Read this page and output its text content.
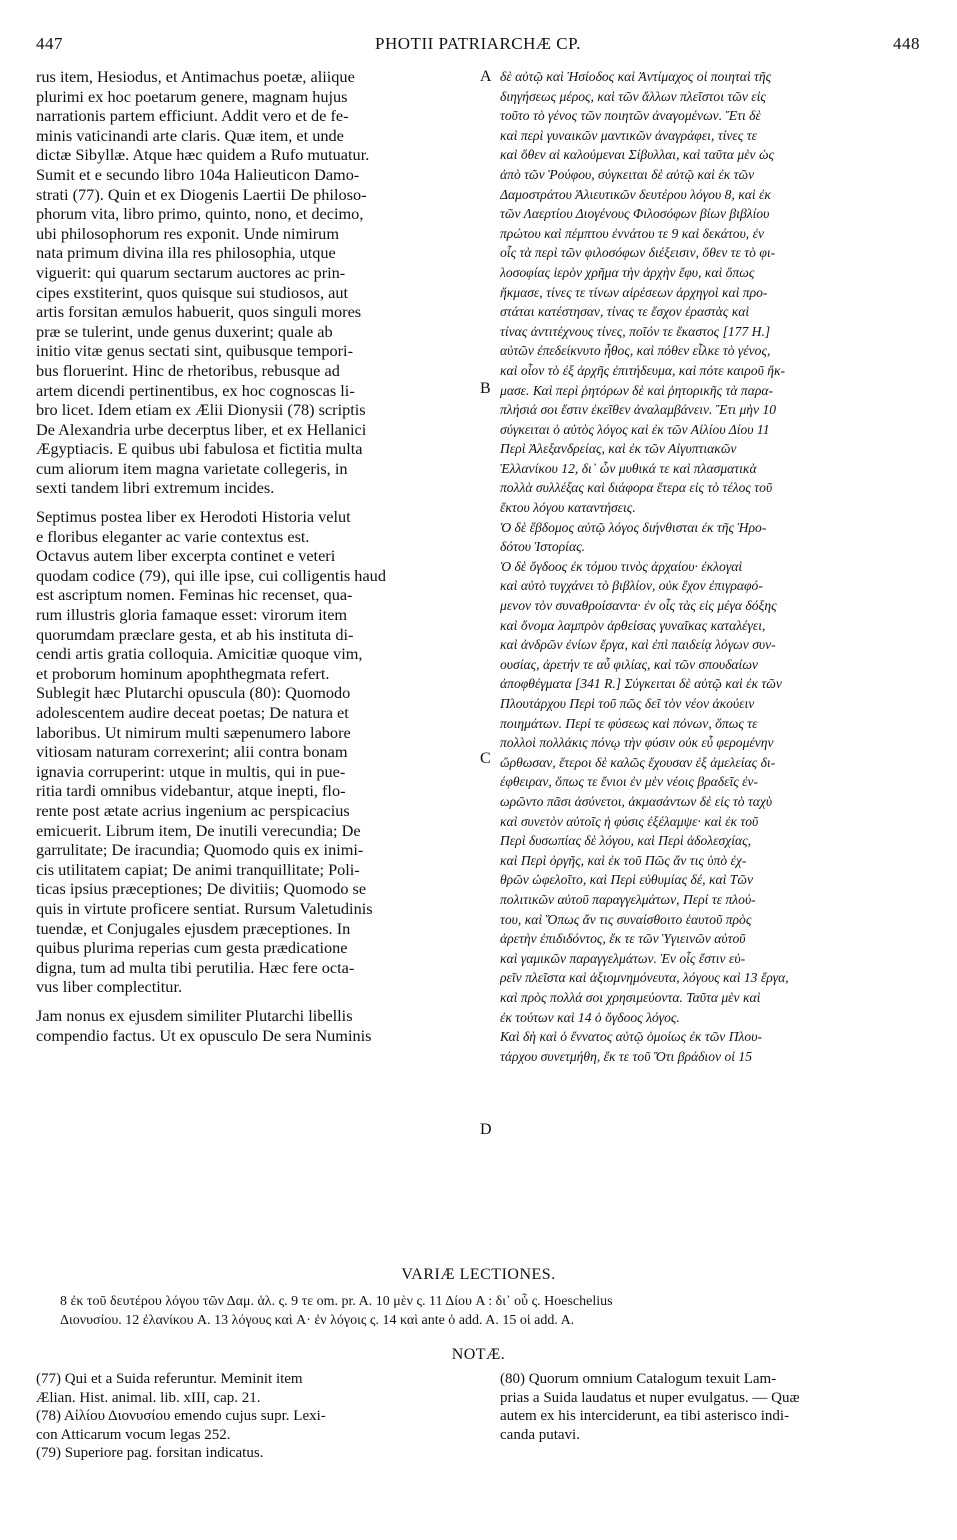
PHOTII PATRIARCHÆ CP.
447	448
rus item, Hesiodus, et Antimachus poetæ, aliique
plurimi ex hoc poetarum genere, magnam hujus
narrationis partem efficiunt. Addit vero et de fe-
minis vaticinandi arte claris. Quæ item, et unde
dictæ Sibyllæ. Atque hæc quidem a Rufo mutuatur.
Sumit et e secundo libro 104a Halieuticon Damo-
strati (77). Quin et ex Diogenis Laertii De philoso-
phorum vita, libro primo, quinto, nono, et decimo,
ubi philosophorum res exponit. Unde nimirum
nata primum divina illa res philosophia, utque
viguerit: qui quarum sectarum auctores ac prin-
cipes exstiterint, quos quisque sui studiosos, aut
artis forsitan æmulos habuerit, quos singuli mores
præ se tulerint, unde genus duxerint; quale ab
initio vitæ genus sectati sint, quibusque tempori-
bus floruerint. Hinc de rhetoribus, rebusque ad
artem dicendi pertinentibus, ex hoc cognoscas li-
bro licet. Idem etiam ex Ælii Dionysii (78) scriptis
De Alexandria urbe decerptus liber, et ex Hellanici
Ægyptiacis. E quibus ubi fabulosa et fictitia multa
cum aliorum item magna varietate collegeris, in
sexti tandem libri extremum incides.
Septimus postea liber ex Herodoti Historia velut
e floribus eleganter ac varie contextus est.
Octavus autem liber excerpta continet e veteri
quodam codice (79), qui ille ipse, cui colligentis haud
est ascriptum nomen. Feminas hic recenset, qua-
rum illustris gloria famaque esset: virorum item
quorumdam præclare gesta, et ab his instituta di-
cendi artis gratia colloquia. Amicitiæ quoque vim,
et proborum hominum apophthegmata refert.
Sublegit hæc Plutarchi opuscula (80): Quomodo
adolescentem audire deceat poetas; De natura et
laboribus. Ut nimirum multi sæpenumero labore
vitiosam naturam correxerint; alii contra bonam
ignavia corruperint: utque in multis, qui in pue-
ritia tardi omnibus videbantur, atque inepti, flo-
rente post ætate acrius ingenium ac perspicacius
emicuerit. Librum item, De inutili verecundia; De
garrulitate; De iracundia; Quomodo quis ex inimi-
cis utilitatem capiat; De animi tranquillitate; Poli-
ticas ipsius præceptiones; De divitiis; Quomodo se
quis in virtute proficere sentiat. Rursum Valetudinis
tuendæ, et Conjugales ejusdem præceptiones. In
quibus plurima reperias cum gesta prædicatione
digna, tum ad multa tibi perutilia. Hæc fere octa-
vus liber complectitur.
Jam nonus ex ejusdem similiter Plutarchi libellis
compendio factus. Ut ex opusculo De sera Numinis
δὲ αὐτῷ καὶ Ἡσίοδος καὶ Ἀντίμαχος οἱ ποιηταὶ τῆς
διηγήσεως μέρος, καὶ τῶν ἄλλων πλεῖστοι τῶν εἰς
τοῦτο τὸ γένος τῶν ποιητῶν ἀναγομένων. Ἔτι δὲ
καὶ περὶ γυναικῶν μαντικῶν ἀναγράφει, τίνες τε
καὶ ὅθεν αἱ καλούμεναι Σίβυλλαι, καὶ ταῦτα μὲν ὡς
ἀπὸ τῶν Ῥούφου, σύγκειται δὲ αὐτῷ καὶ ἐκ τῶν
Δαμοστράτου Ἁλιευτικῶν δευτέρου λόγου 8, καὶ ἐκ
τῶν Λαερτίου Διογένους Φιλοσόφων βίων βιβλίου
πρώτου καὶ πέμπτου ἐννάτου τε 9 καὶ δεκάτου, ἐν
οἷς τὰ περὶ τῶν φιλοσόφων διέξεισιν, ὅθεν τε τὸ φι-
λοσοφίας ἱερὸν χρῆμα τὴν ἀρχὴν ἔφυ, καὶ ὅπως
ἤκμασε, τίνες τε τίνων αἱρέσεων ἀρχηγοὶ καὶ προ-
στάται κατέστησαν, τίνας τε ἔσχον ἐραστὰς καὶ
τίνας ἀντιτέχνους τίνες, ποῖόν τε ἕκαστος [177 H.]
αὐτῶν ἐπεδείκνυτο ἦθος, καὶ πόθεν εἷλκε τὸ γένος,
καὶ οἷον τὸ ἐξ ἀρχῆς ἐπιτήδευμα, καὶ πότε καιροῦ ἤκ-
μασε. Καὶ περὶ ῥητόρων δὲ καὶ ῥητορικῆς τὰ παρα-
πλήσιά σοι ἔστιν ἐκεῖθεν ἀναλαμβάνειν. Ἔτι μὴν 10
σύγκειται ὁ αὐτὸς λόγος καὶ ἐκ τῶν Αἰλίου Δίου 11
Περὶ Ἀλεξανδρείας, καὶ ἐκ τῶν Αἰγυπτιακῶν
Ἑλλανίκου 12, δι᾽ ὧν μυθικά τε καὶ πλασματικὰ
πολλὰ συλλέξας καὶ διάφορα ἕτερα εἰς τὸ τέλος τοῦ
ἕκτου λόγου καταντήσεις.
Ὁ δὲ ἕβδομος αὐτῷ λόγος διήνθισται ἐκ τῆς Ἡρο-
δότου Ἱστορίας.
Ὁ δὲ ὄγδοος ἐκ τόμου τινὸς ἀρχαίου· ἐκλογαὶ
καὶ αὐτὸ τυγχάνει τὸ βιβλίον, οὐκ ἔχον ἐπιγραφό-
μενον τὸν συναθροίσαντα· ἐν οἷς τὰς εἰς μέγα δόξης
καὶ ὄνομα λαμπρὸν ἀρθείσας γυναῖκας καταλέγει,
καὶ ἀνδρῶν ἐνίων ἔργα, καὶ ἐπὶ παιδείᾳ λόγων συν-
ουσίας, ἀρετήν τε αὖ φιλίας, καὶ τῶν σπουδαίων
ἀποφθέγματα [341 R.] Σύγκειται δὲ αὐτῷ καὶ ἐκ τῶν
Πλουτάρχου Περὶ τοῦ πῶς δεῖ τὸν νέον ἀκούειν
ποιημάτων. Περί τε φύσεως καὶ πόνων, ὅπως τε
πολλοὶ πολλάκις πόνῳ τὴν φύσιν οὐκ εὖ φερομένην
ὤρθωσαν, ἕτεροι δὲ καλῶς ἔχουσαν ἐξ ἀμελείας δι-
έφθειραν, ὅπως τε ἔνιοι ἐν μὲν νέοις βραδεῖς ἐν-
ωρῶντο πᾶσι ἀσύνετοι, ἀκμασάντων δὲ εἰς τὸ ταχὺ
καὶ συνετὸν αὐτοῖς ἡ φύσις ἐξέλαμψε· καὶ ἐκ τοῦ
Περὶ δυσωπίας δὲ λόγου, καὶ Περὶ ἀδολεσχίας,
καὶ Περὶ ὀργῆς, καὶ ἐκ τοῦ Πῶς ἄν τις ὑπὸ ἐχ-
θρῶν ὠφελοῖτο, καὶ Περὶ εὐθυμίας δέ, καὶ Τῶν
πολιτικῶν αὐτοῦ παραγγελμάτων, Περί τε πλού-
του, καὶ Ὅπως ἄν τις συναίσθοιτο ἑαυτοῦ πρὸς
ἀρετὴν ἐπιδιδόντος, ἔκ τε τῶν Ὑγιεινῶν αὐτοῦ
καὶ γαμικῶν παραγγελμάτων. Ἐν οἷς ἔστιν εὐ-
ρεῖν πλεῖστα καὶ ἀξιομνημόνευτα, λόγους καὶ 13 ἔργα,
καὶ πρὸς πολλά σοι χρησιμεύοντα. Ταῦτα μὲν καὶ
ἐκ τούτων καὶ 14 ὁ ὄγδοος λόγος.
Καὶ δὴ καὶ ὁ ἔννατος αὐτῷ ὁμοίως ἐκ τῶν Πλου-
τάρχου συνετμήθη, ἔκ τε τοῦ Ὅτι βράδιον οἱ 15
A
B
C
D
VARIÆ LECTIONES.
8 ἐκ τοῦ δευτέρου λόγου τῶν Δαμ. ἁλ. ς. 9 τε om. pr. A. 10 μὲν ς. 11 Δίου A : δι᾽ οὗ ς. Hoeschelius
Διονυσίου. 12 ἐλανίκου A. 13 λόγους καὶ A· ἐν λόγοις ς. 14 καὶ ante ὁ add. A. 15 οἱ add. A.
NOTÆ.
(77) Qui et a Suida referuntur. Meminit item
Ælian. Hist. animal. lib. xIII, cap. 21.
(78) Αἰλίου Διονυσίου emendo cujus supr. Lexi-
con Atticarum vocum legas 252.
(79) Superiore pag. forsitan indicatus.
(80) Quorum omnium Catalogum texuit Lam-
prias a Suida laudatus et nuper evulgatus. — Quæ
autem ex his interciderunt, ea tibi asterisco indi-
canda putavi.
